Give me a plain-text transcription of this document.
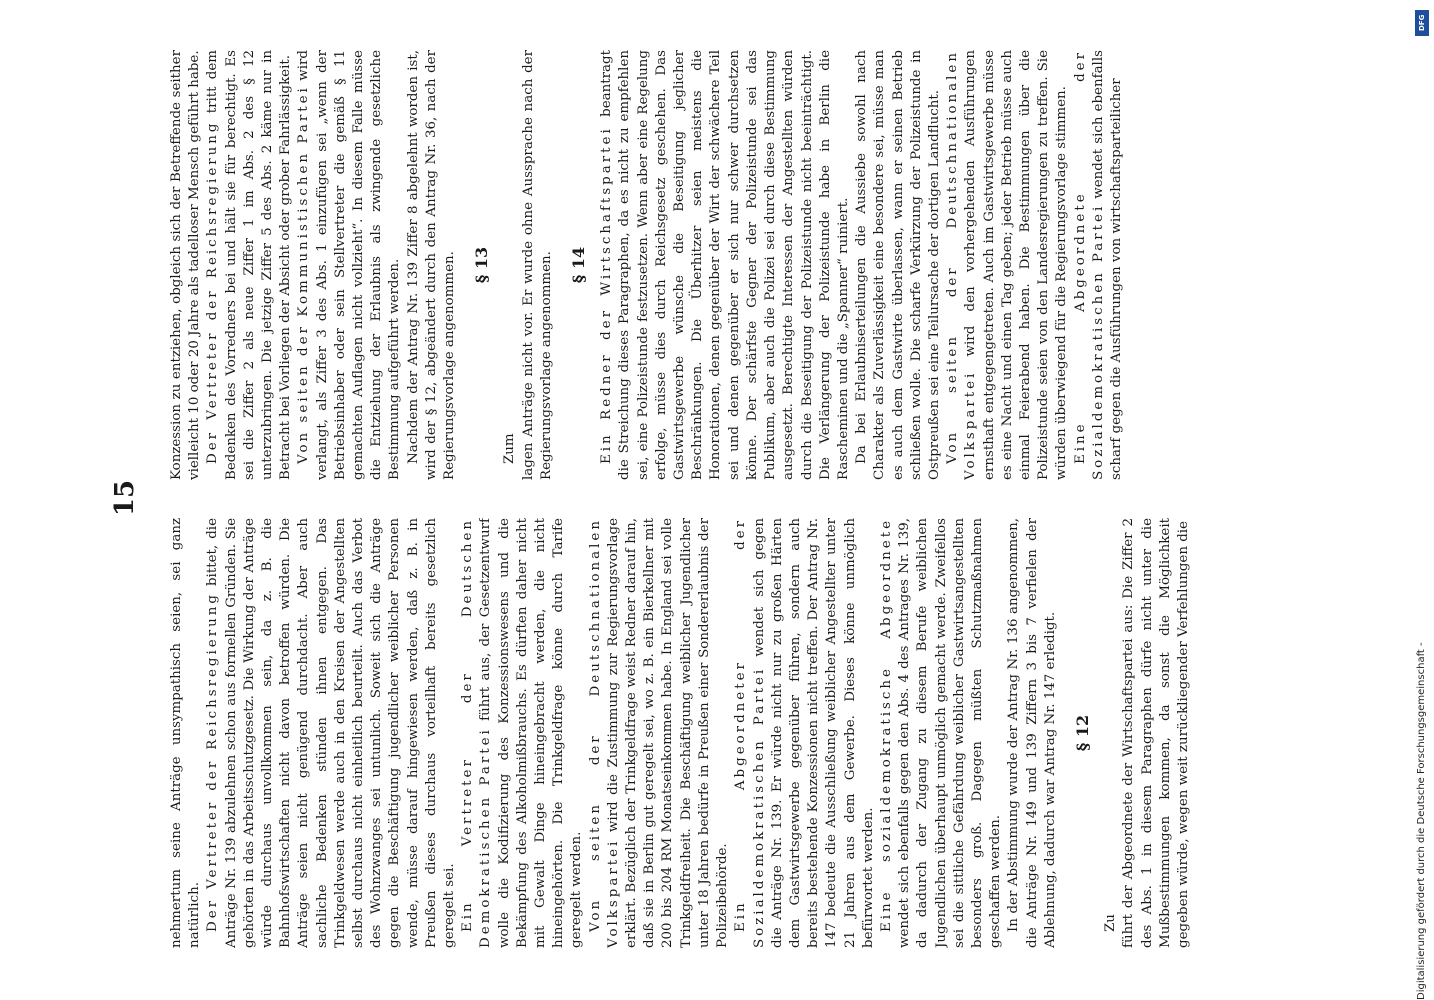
15

nehmertum seine Anträge unsympathisch seien, sei ganz natürlich. Der Vertreter der Reichsregierung bittet, die Anträge Nr. 139 abzulehnen schon aus formellen Gründen. Sie gehörten in das Arbeitsschutzgesetz. Die Wirkung der Anträge würde durchaus unvollkommen sein, da z. B. die Bahnhofswirtschaften nicht davon betroffen würden. Die Anträge seien nicht genügend durchdacht. Aber auch sachliche Bedenken stünden ihnen entgegen. Das Trinkgeldwesen werde auch in den Kreisen der Angestellten selbst durchaus nicht einheitlich beurteilt. Auch das Verbot des Wohnzwanges sei untunlich. Soweit sich die Anträge gegen die Beschäftigung jugendlicher weiblicher Personen wende, müsse darauf hingewiesen werden, daß z. B. in Preußen dieses durchaus vorteilhaft bereits gesetzlich geregelt sei. Ein Vertreter der Deutschen Demokratischen Partei führt aus, der Gesetzentwurf wolle die Kodifizierung des Konzessionswesens und die Bekämpfung des Alkoholmißbrauchs. Es dürften daher nicht mit Gewalt Dinge hineingebracht werden, die nicht hineingehörten. Die Trinkgeldfrage könne durch Tarife geregelt werden. Von seiten der Deutschnationalen Volkspartei wird die Zustimmung zur Regierungsvorlage erklärt. Bezüglich der Trinkgeldfrage weist Redner darauf hin, daß sie in Berlin gut geregelt sei, wo z. B. ein Bierkellner mit 200 bis 204 RM Monatseinkommen habe. In England sei volle Trinkgeldfreiheit. Die Beschäftigung weiblicher Jugendlicher unter 18 Jahren bedürfe in Preußen einer Sondererlaubnis der Polizeibehörde. Ein Abgeordneter der Sozialdemokratischen Partei wendet sich gegen die Anträge Nr. 139. Er würde nicht nur zu großen Härten dem Gastwirtsgewerbe gegenüber führen, sondern auch bereits bestehende Konzessionen nicht treffen. Der Antrag Nr. 147 bedeute die Ausschließung weiblicher Angestellter unter 21 Jahren aus dem Gewerbe. Dieses könne unmöglich befürwortet werden. Eine sozialdemokratische Abgeordnete wendet sich ebenfalls gegen den Abs. 4 des Antrages Nr. 139, da dadurch der Zugang zu diesem Berufe weiblichen Jugendlichen überhaupt unmöglich gemacht werde. Zweifellos sei die sittliche Gefährdung weiblicher Gastwirtsangestellten besonders groß. Dagegen müßten Schutzmaßnahmen geschaffen werden. In der Abstimmung wurde der Antrag Nr. 136 angenommen, die Anträge Nr. 149 und 139 Ziffern 3 bis 7 verfielen der Ablehnung, dadurch war Antrag Nr. 147 erledigt. § 12

Zu führt der Abgeordnete der Wirtschaftspartei aus: Die Ziffer 2 des Abs. 1 in diesem Paragraphen dürfe nicht unter die Mußbestimmungen kommen, da sonst die Möglichkeit gegeben würde, wegen weit zurückliegender Verfehlungen die

Konzession zu entziehen, obgleich sich der Betreffende seither vielleicht 10 oder 20 Jahre als tadelloser Mensch geführt habe. Der Vertreter der Reichsregierung tritt dem Bedenken des Vorredners bei und hält sie für berechtigt. Es sei die Ziffer 2 als neue Ziffer 1 im Abs. 2 des § 12 unterzubringen. Die jetzige Ziffer 5 des Abs. 2 käme nur in Betracht bei Vorliegen der Absicht oder grober Fahrlässigkeit. Von seiten der Kommunistischen Partei wird verlangt, als Ziffer 3 des Abs. 1 einzufügen sei „wenn der Betriebsinhaber oder sein Stellvertreter die gemäß § 11 gemachten Auflagen nicht vollzieht“. In diesem Falle müsse die Entziehung der Erlaubnis als zwingende gesetzliche Bestimmung aufgeführt werden. Nachdem der Antrag Nr. 139 Ziffer 8 abgelehnt worden ist, wird der § 12, abgeändert durch den Antrag Nr. 36, nach der Regierungsvorlage angenommen. § 13

Zum lagen Anträge nicht vor. Er wurde ohne Aussprache nach der Regierungsvorlage angenommen. § 14 Ein Redner der Wirtschaftspartei beantragt die Streichung dieses Paragraphen, da es nicht zu empfehlen sei, eine Polizeistunde festzusetzen. Wenn aber eine Regelung erfolge, müsse dies durch Reichsgesetz geschehen. Das Gastwirtsgewerbe wünsche die Beseitigung jeglicher Beschränkungen. Die Überhitzer seien meistens die Honorationen, denen gegenüber der Wirt der schwächere Teil sei und denen gegenüber er sich nur schwer durchsetzen könne. Der schärfste Gegner der Polizeistunde sei das Publikum, aber auch die Polizei sei durch diese Bestimmung ausgesetzt. Berechtigte Interessen der Angestellten würden durch die Beseitigung der Polizeistunde nicht beeinträchtigt. Die Verlängerung der Polizeistunde habe in Berlin die Rascheminen und die „Spanner“ ruiniert. Da bei Erlaubniserteilungen die Aussiebe sowohl nach Charakter als Zuverlässigkeit eine besondere sei, müsse man es auch dem Gastwirte überlassen, wann er seinen Betrieb schließen wolle. Die scharfe Verkürzung der Polizeistunde in Ostpreußen sei eine Teilursache der dortigen Landflucht. Von seiten der Deutschnationalen Volkspartei wird den vorhergehenden Ausführungen ernsthaft entgegengetreten. Auch im Gastwirtsgewerbe müsse es eine Nacht und einen Tag geben; jeder Betrieb müsse auch einmal Feierabend haben. Die Bestimmungen über die Polizeistunde seien von den Landesregierungen zu treffen. Sie würden überwiegend für die Regierungsvorlage stimmen. Eine Abgeordnete der Sozialdemokratischen Partei wendet sich ebenfalls scharf gegen die Ausführungen von wirtschaftsparteilicher

DFG
Digitalisierung gefördert durch die Deutsche Forschungsgemeinschaft -
